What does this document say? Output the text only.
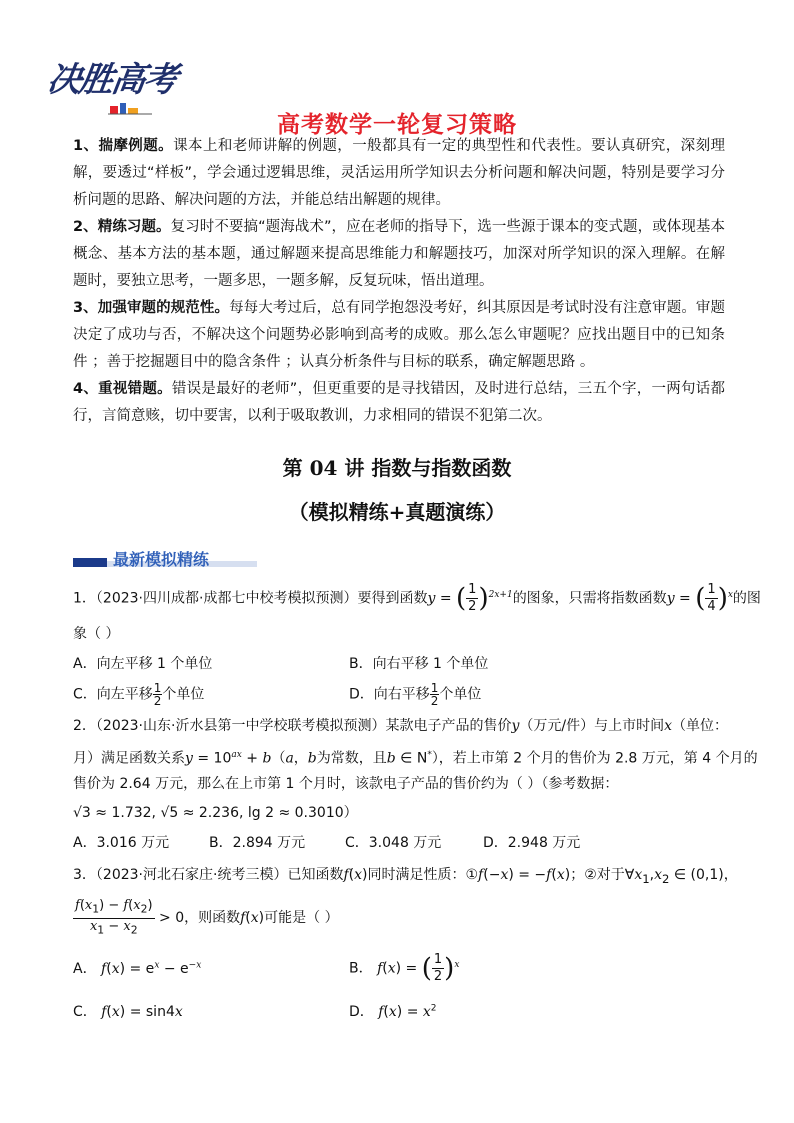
决胜高考
高考数学一轮复习策略
1、揣摩例题。课本上和老师讲解的例题，一般都具有一定的典型性和代表性。要认真研究，深刻理解，要透过“样板”，学会通过逻辑思维，灵活运用所学知识去分析问题和解决问题，特别是要学习分析问题的思路、解决问题的方法，并能总结出解题的规律。
2、精练习题。复习时不要搞“题海战术”，应在老师的指导下，选一些源于课本的变式题，或体现基本概念、基本方法的基本题，通过解题来提高思维能力和解题技巧，加深对所学知识的深入理解。在解题时，要独立思考，一题多思，一题多解，反复玩味，悟出道理。
3、加强审题的规范性。每每大考过后，总有同学抱怨没考好，纠其原因是考试时没有注意审题。审题决定了成功与否，不解决这个问题势必影响到高考的成败。那么怎么审题呢？应找出题目中的已知条件 ；善于挖掘题目中的隐含条件 ；认真分析条件与目标的联系，确定解题思路 。
4、重视错题。错误是最好的老师”，但更重要的是寻找错因，及时进行总结，三五个字，一两句话都行，言简意赅，切中要害，以利于吸取教训，力求相同的错误不犯第二次。
第 04 讲 指数与指数函数
（模拟精练+真题演练）
最新模拟精练
1．（2023·四川成都·成都七中校考模拟预测）要得到函数y = ( $\frac{1}{2})^{2x+1}$的图象，只需将指数函数y = ( $\frac{1}{4})^x$的图
象（ ）
A．向左平移 1 个单位	B．向右平移 1 个单位
C．向左平移 $\frac{1}{2}$ 个单位	D．向右平移 $\frac{1}{2}$ 个单位
2．（2023·山东·沂水县第一中学校联考模拟预测）某款电子产品的售价y（万元/件）与上市时间x（单位：
月）满足函数关系$y = 10^{ax} + b(a$，b为常数，且b ∈ N*），若上市第 2 个月的售价为 2.8 万元，第 4 个月的
售价为 2.64 万元，那么在上市第 1 个月时，该款电子产品的售价约为（ ）（参考数据：
√3 ≈ 1.732, √5 ≈ 2.236, lg 2 ≈ 0.3010）
A．3.016 万元	B．2.894 万元	C．3.048 万元	D．2.948 万元
3．（2023·河北石家庄·统考三模）已知函数f(x)同时满足性质：①f(−x) = −f(x)；②对于$\forall x_1,x_2$ ∈ (0,1)，
$\frac{f(x_1) - f(x_2)}{x_1 - x_2} > 0$，则函数f(x)可能是（ ）
A． $f(x) = e^x - e^{-x}$	B． f(x) = ( $\frac{1}{2})^x$
C． f(x) = sin4x	D． $f(x) = x^2$
